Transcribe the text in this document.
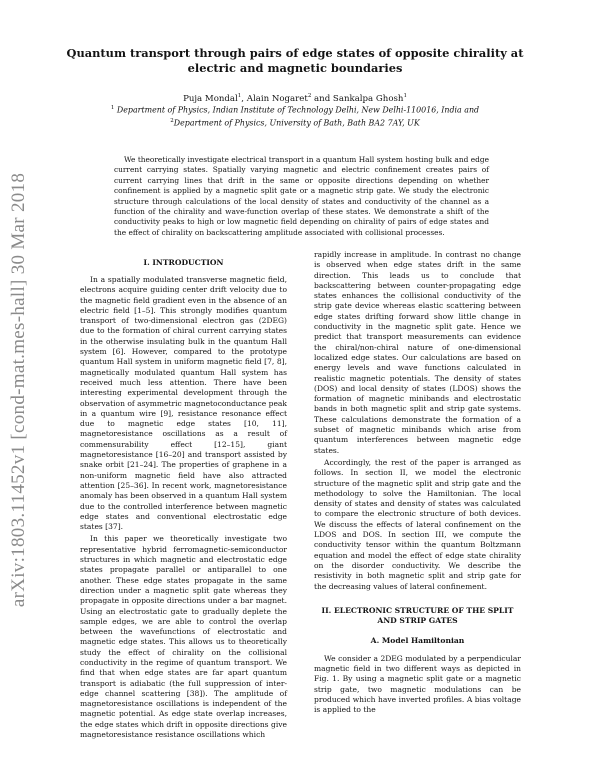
arXiv:1803.11452v1 [cond-mat.mes-hall] 30 Mar 2018
Quantum transport through pairs of edge states of opposite chirality at electric and magnetic boundaries

Puja Mondal$^1$, Alain Nogaret$^2$ and Sankalpa Ghosh$^1$

$^1$ Department of Physics, Indian Institute of Technology Delhi, New Delhi-110016, India and
$^2$Department of Physics, University of Bath, Bath BA2 7AY, UK

We theoretically investigate electrical transport in a quantum Hall system hosting bulk and edge current carrying states. Spatially varying magnetic and electric confinement creates pairs of current carrying lines that drift in the same or opposite directions depending on whether confinement is applied by a magnetic split gate or a magnetic strip gate. We study the electronic structure through calculations of the local density of states and conductivity of the channel as a function of the chirality and wave-function overlap of these states. We demonstrate a shift of the conductivity peaks to high or low magnetic field depending on chirality of pairs of edge states and the effect of chirality on backscattering amplitude associated with collisional processes.

I. INTRODUCTION

In a spatially modulated transverse magnetic field, electrons acquire guiding center drift velocity due to the magnetic field gradient even in the absence of an electric field [1–5]. This strongly modifies quantum transport of two-dimensional electron gas (2DEG) due to the formation of chiral current carrying states in the otherwise insulating bulk in the quantum Hall system [6]. However, compared to the prototype quantum Hall system in uniform magnetic field [7, 8], magnetically modulated quantum Hall system has received much less attention. There have been interesting experimental development through the observation of asymmetric magnetoconductance peak in a quantum wire [9], resistance resonance effect due to magnetic edge states [10, 11], magnetoresistance oscillations as a result of commensurability effect [12–15], giant magnetoresistance [16–20] and transport assisted by snake orbit [21–24]. The properties of graphene in a non-uniform magnetic field have also attracted attention [25–36]. In recent work, magnetoresistance anomaly has been observed in a quantum Hall system due to the controlled interference between magnetic edge states and conventional electrostatic edge states [37].

In this paper we theoretically investigate two representative hybrid ferromagnetic-semiconductor structures in which magnetic and electrostatic edge states propagate parallel or antiparallel to one another. These edge states propagate in the same direction under a magnetic split gate whereas they propagate in opposite directions under a bar magnet. Using an electrostatic gate to gradually deplete the sample edges, we are able to control the overlap between the wavefunctions of electrostatic and magnetic edge states. This allows us to theoretically study the effect of chirality on the collisional conductivity in the regime of quantum transport. We find that when edge states are far apart quantum transport is adiabatic (the full suppression of inter-edge channel scattering [38]). The amplitude of magnetoresistance oscillations is independent of the magnetic potential. As edge state overlap increases, the edge states which drift in opposite directions give magnetoresistance resistance oscillations which

rapidly increase in amplitude. In contrast no change is observed when edge states drift in the same direction. This leads us to conclude that backscattering between counter-propagating edge states enhances the collisional conductivity of the strip gate device whereas elastic scattering between edge states drifting forward show little change in conductivity in the magnetic split gate. Hence we predict that transport measurements can evidence the chiral/non-chiral nature of one-dimensional localized edge states. Our calculations are based on energy levels and wave functions calculated in realistic magnetic potentials. The density of states (DOS) and local density of states (LDOS) shows the formation of magnetic minibands and electrostatic bands in both magnetic split and strip gate systems. These calculations demonstrate the formation of a subset of magnetic minibands which arise from quantum interferences between magnetic edge states.

Accordingly, the rest of the paper is arranged as follows. In section II, we model the electronic structure of the magnetic split and strip gate and the methodology to solve the Hamiltonian. The local density of states and density of states was calculated to compare the electronic structure of both devices. We discuss the effects of lateral confinement on the LDOS and DOS. In section III, we compute the conductivity tensor within the quantum Boltzmann equation and model the effect of edge state chirality on the disorder conductivity. We describe the resistivity in both magnetic split and strip gate for the decreasing values of lateral confinement.

II. ELECTRONIC STRUCTURE OF THE SPLIT AND STRIP GATES
A. Model Hamiltonian

We consider a 2DEG modulated by a perpendicular magnetic field in two different ways as depicted in Fig. 1. By using a magnetic split gate or a magnetic strip gate, two magnetic modulations can be produced which have inverted profiles. A bias voltage is applied to the
